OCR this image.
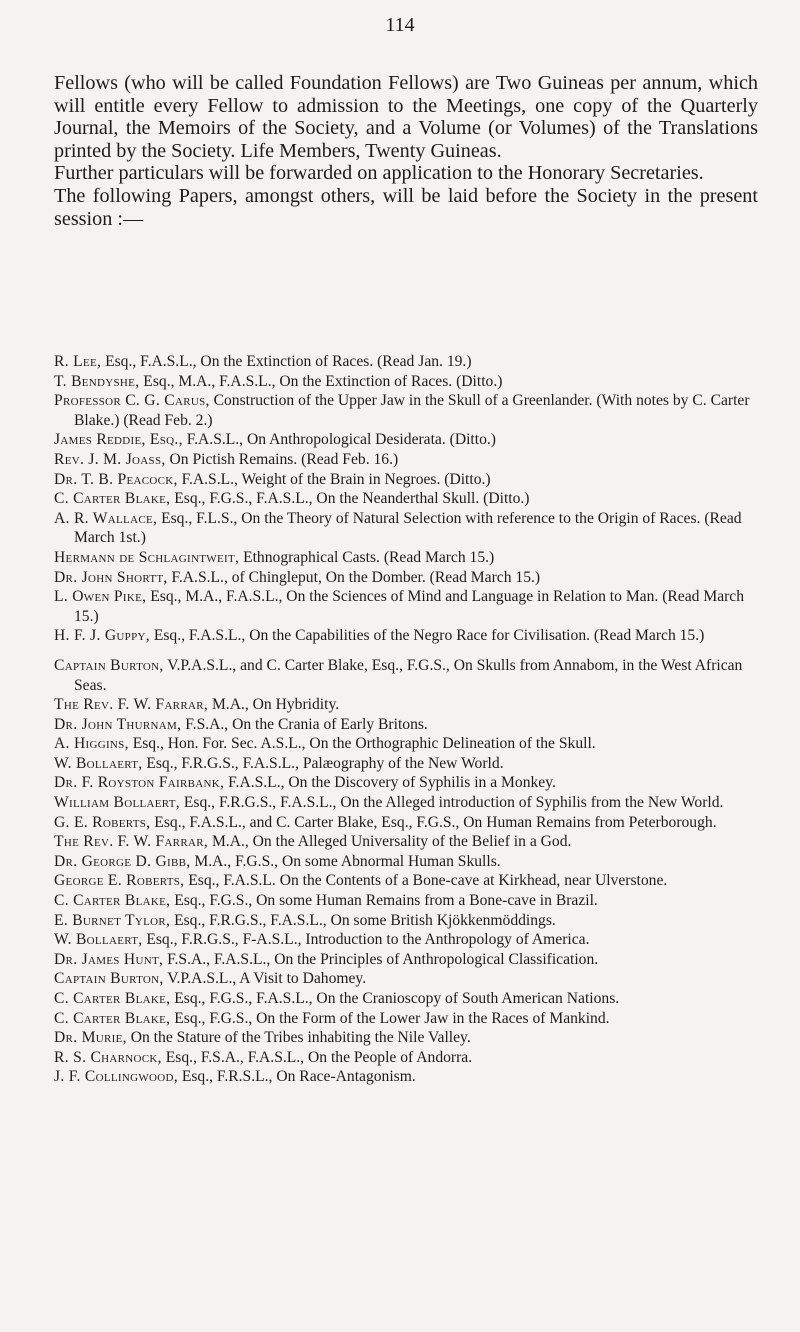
114

Fellows (who will be called Foundation Fellows) are Two Guineas per annum, which will entitle every Fellow to admission to the Meetings, one copy of the Quarterly Journal, the Memoirs of the Society, and a Volume (or Volumes) of the Translations printed by the Society. Life Members, Twenty Guineas.

Further particulars will be forwarded on application to the Honorary Secretaries.

The following Papers, amongst others, will be laid before the Society in the present session :—

R. Lee, Esq., F.A.S.L., On the Extinction of Races. (Read Jan. 19.)

T. Bendyshe, Esq., M.A., F.A.S.L., On the Extinction of Races. (Ditto.)

Professor C. G. Carus, Construction of the Upper Jaw in the Skull of a Greenlander. (With notes by C. Carter Blake.) (Read Feb. 2.)

James Reddie, Esq., F.A.S.L., On Anthropological Desiderata. (Ditto.)

Rev. J. M. Joass, On Pictish Remains. (Read Feb. 16.)

Dr. T. B. Peacock, F.A.S.L., Weight of the Brain in Negroes. (Ditto.)

C. Carter Blake, Esq., F.G.S., F.A.S.L., On the Neanderthal Skull. (Ditto.)

A. R. Wallace, Esq., F.L.S., On the Theory of Natural Selection with reference to the Origin of Races. (Read March 1st.)

Hermann de Schlagintweit, Ethnographical Casts. (Read March 15.)

Dr. John Shortt, F.A.S.L., of Chingleput, On the Domber. (Read March 15.)

L. Owen Pike, Esq., M.A., F.A.S.L., On the Sciences of Mind and Language in Relation to Man. (Read March 15.)

H. F. J. Guppy, Esq., F.A.S.L., On the Capabilities of the Negro Race for Civilisation. (Read March 15.)

Captain Burton, V.P.A.S.L., and C. Carter Blake, Esq., F.G.S., On Skulls from Annabom, in the West African Seas.

The Rev. F. W. Farrar, M.A., On Hybridity.

Dr. John Thurnam, F.S.A., On the Crania of Early Britons.

A. Higgins, Esq., Hon. For. Sec. A.S.L., On the Orthographic Delineation of the Skull.

W. Bollaert, Esq., F.R.G.S., F.A.S.L., Palæography of the New World.

Dr. F. Royston Fairbank, F.A.S.L., On the Discovery of Syphilis in a Monkey.

William Bollaert, Esq., F.R.G.S., F.A.S.L., On the Alleged introduction of Syphilis from the New World.

G. E. Roberts, Esq., F.A.S.L., and C. Carter Blake, Esq., F.G.S., On Human Remains from Peterborough.

The Rev. F. W. Farrar, M.A., On the Alleged Universality of the Belief in a God.

Dr. George D. Gibb, M.A., F.G.S., On some Abnormal Human Skulls.

George E. Roberts, Esq., F.A.S.L. On the Contents of a Bone-cave at Kirkhead, near Ulverstone.

C. Carter Blake, Esq., F.G.S., On some Human Remains from a Bone-cave in Brazil.

E. Burnet Tylor, Esq., F.R.G.S., F.A.S.L., On some British Kjökkenmöddings.

W. Bollaert, Esq., F.R.G.S., F-A.S.L., Introduction to the Anthropology of America.

Dr. James Hunt, F.S.A., F.A.S.L., On the Principles of Anthropological Classification.

Captain Burton, V.P.A.S.L., A Visit to Dahomey.

C. Carter Blake, Esq., F.G.S., F.A.S.L., On the Cranioscopy of South American Nations.

C. Carter Blake, Esq., F.G.S., On the Form of the Lower Jaw in the Races of Mankind.

Dr. Murie, On the Stature of the Tribes inhabiting the Nile Valley.

R. S. Charnock, Esq., F.S.A., F.A.S.L., On the People of Andorra.

J. F. Collingwood, Esq., F.R.S.L., On Race-Antagonism.
